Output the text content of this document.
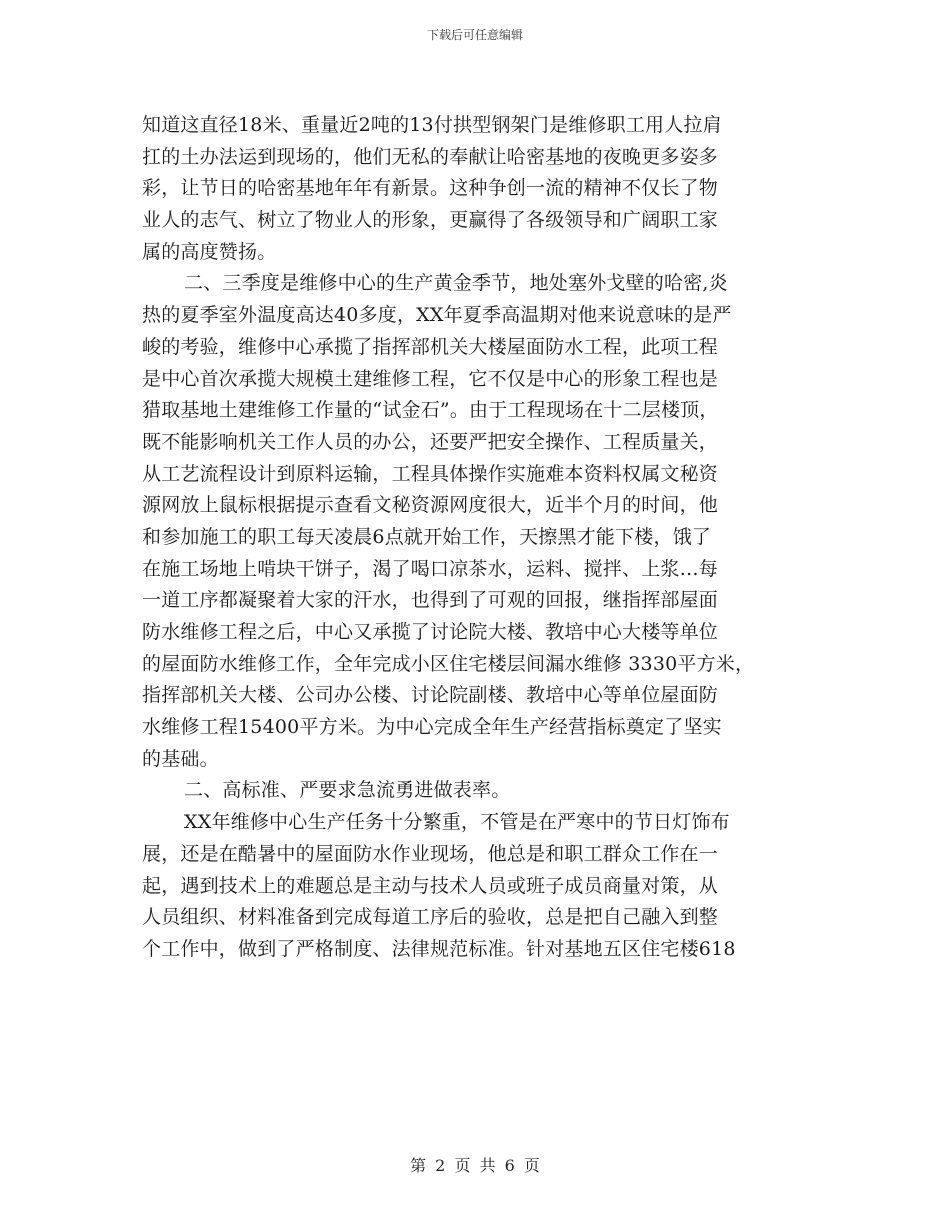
下载后可任意编辑
知道这直径18米、重量近2吨的13付拱型钢架门是维修职工用人拉肩
扛的土办法运到现场的，他们无私的奉献让哈密基地的夜晚更多姿多
彩，让节日的哈密基地年年有新景。这种争创一流的精神不仅长了物
业人的志气、树立了物业人的形象，更赢得了各级领导和广阔职工家
属的高度赞扬。
二、三季度是维修中心的生产黄金季节，地处塞外戈壁的哈密,炎
热的夏季室外温度高达40多度，XX年夏季高温期对他来说意味的是严
峻的考验，维修中心承揽了指挥部机关大楼屋面防水工程，此项工程
是中心首次承揽大规模土建维修工程，它不仅是中心的形象工程也是
猎取基地土建维修工作量的“试金石”。由于工程现场在十二层楼顶，
既不能影响机关工作人员的办公，还要严把安全操作、工程质量关，
从工艺流程设计到原料运输，工程具体操作实施难本资料权属文秘资
源网放上鼠标根据提示查看文秘资源网度很大，近半个月的时间，他
和参加施工的职工每天凌晨6点就开始工作，天擦黑才能下楼，饿了
在施工场地上啃块干饼子，渴了喝口凉茶水，运料、搅拌、上浆…每
一道工序都凝聚着大家的汗水，也得到了可观的回报，继指挥部屋面
防水维修工程之后，中心又承揽了讨论院大楼、教培中心大楼等单位
的屋面防水维修工作，全年完成小区住宅楼层间漏水维修 3330平方米，
指挥部机关大楼、公司办公楼、讨论院副楼、教培中心等单位屋面防
水维修工程15400平方米。为中心完成全年生产经营指标奠定了坚实
的基础。
二、高标准、严要求急流勇进做表率。
XX年维修中心生产任务十分繁重，不管是在严寒中的节日灯饰布
展，还是在酷暑中的屋面防水作业现场，他总是和职工群众工作在一
起，遇到技术上的难题总是主动与技术人员或班子成员商量对策，从
人员组织、材料准备到完成每道工序后的验收，总是把自己融入到整
个工作中，做到了严格制度、法律规范标准。针对基地五区住宅楼618
第 2 页 共 6 页
